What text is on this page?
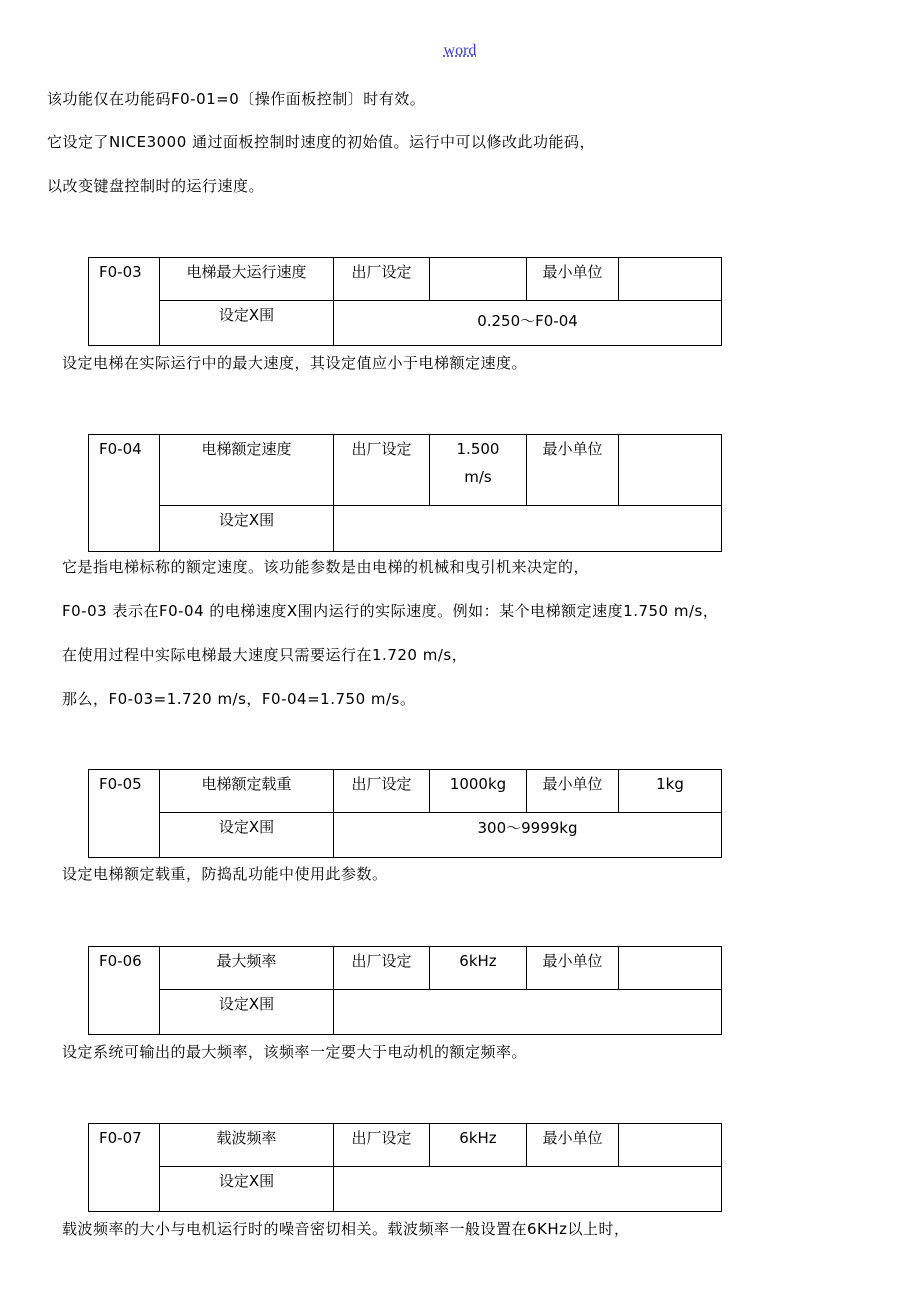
word
该功能仅在功能码F0-01=0〔操作面板控制〕时有效。
它设定了NICE3000 通过面板控制时速度的初始值。运行中可以修改此功能码，
以改变键盘控制时的运行速度。
F0-03	电梯最大运行速度	出厂设定		最小单位	
	设定X围	0.250～F0-04			
设定电梯在实际运行中的最大速度，其设定值应小于电梯额定速度。
F0-04	电梯额定速度	出厂设定	1.500 m/s	最小单位	
	设定X围				
它是指电梯标称的额定速度。该功能参数是由电梯的机械和曳引机来决定的，
F0-03 表示在F0-04 的电梯速度X围内运行的实际速度。例如：某个电梯额定速度1.750 m/s，
在使用过程中实际电梯最大速度只需要运行在1.720 m/s，
那么，F0-03=1.720 m/s，F0-04=1.750 m/s。
F0-05	电梯额定载重	出厂设定	1000kg	最小单位	1kg
	设定X围	300～9999kg			
设定电梯额定载重，防捣乱功能中使用此参数。
F0-06	最大频率	出厂设定	6kHz	最小单位	
	设定X围				
设定系统可输出的最大频率，该频率一定要大于电动机的额定频率。
F0-07	载波频率	出厂设定	6kHz	最小单位	
	设定X围				
载波频率的大小与电机运行时的噪音密切相关。载波频率一般设置在6KHz以上时，
